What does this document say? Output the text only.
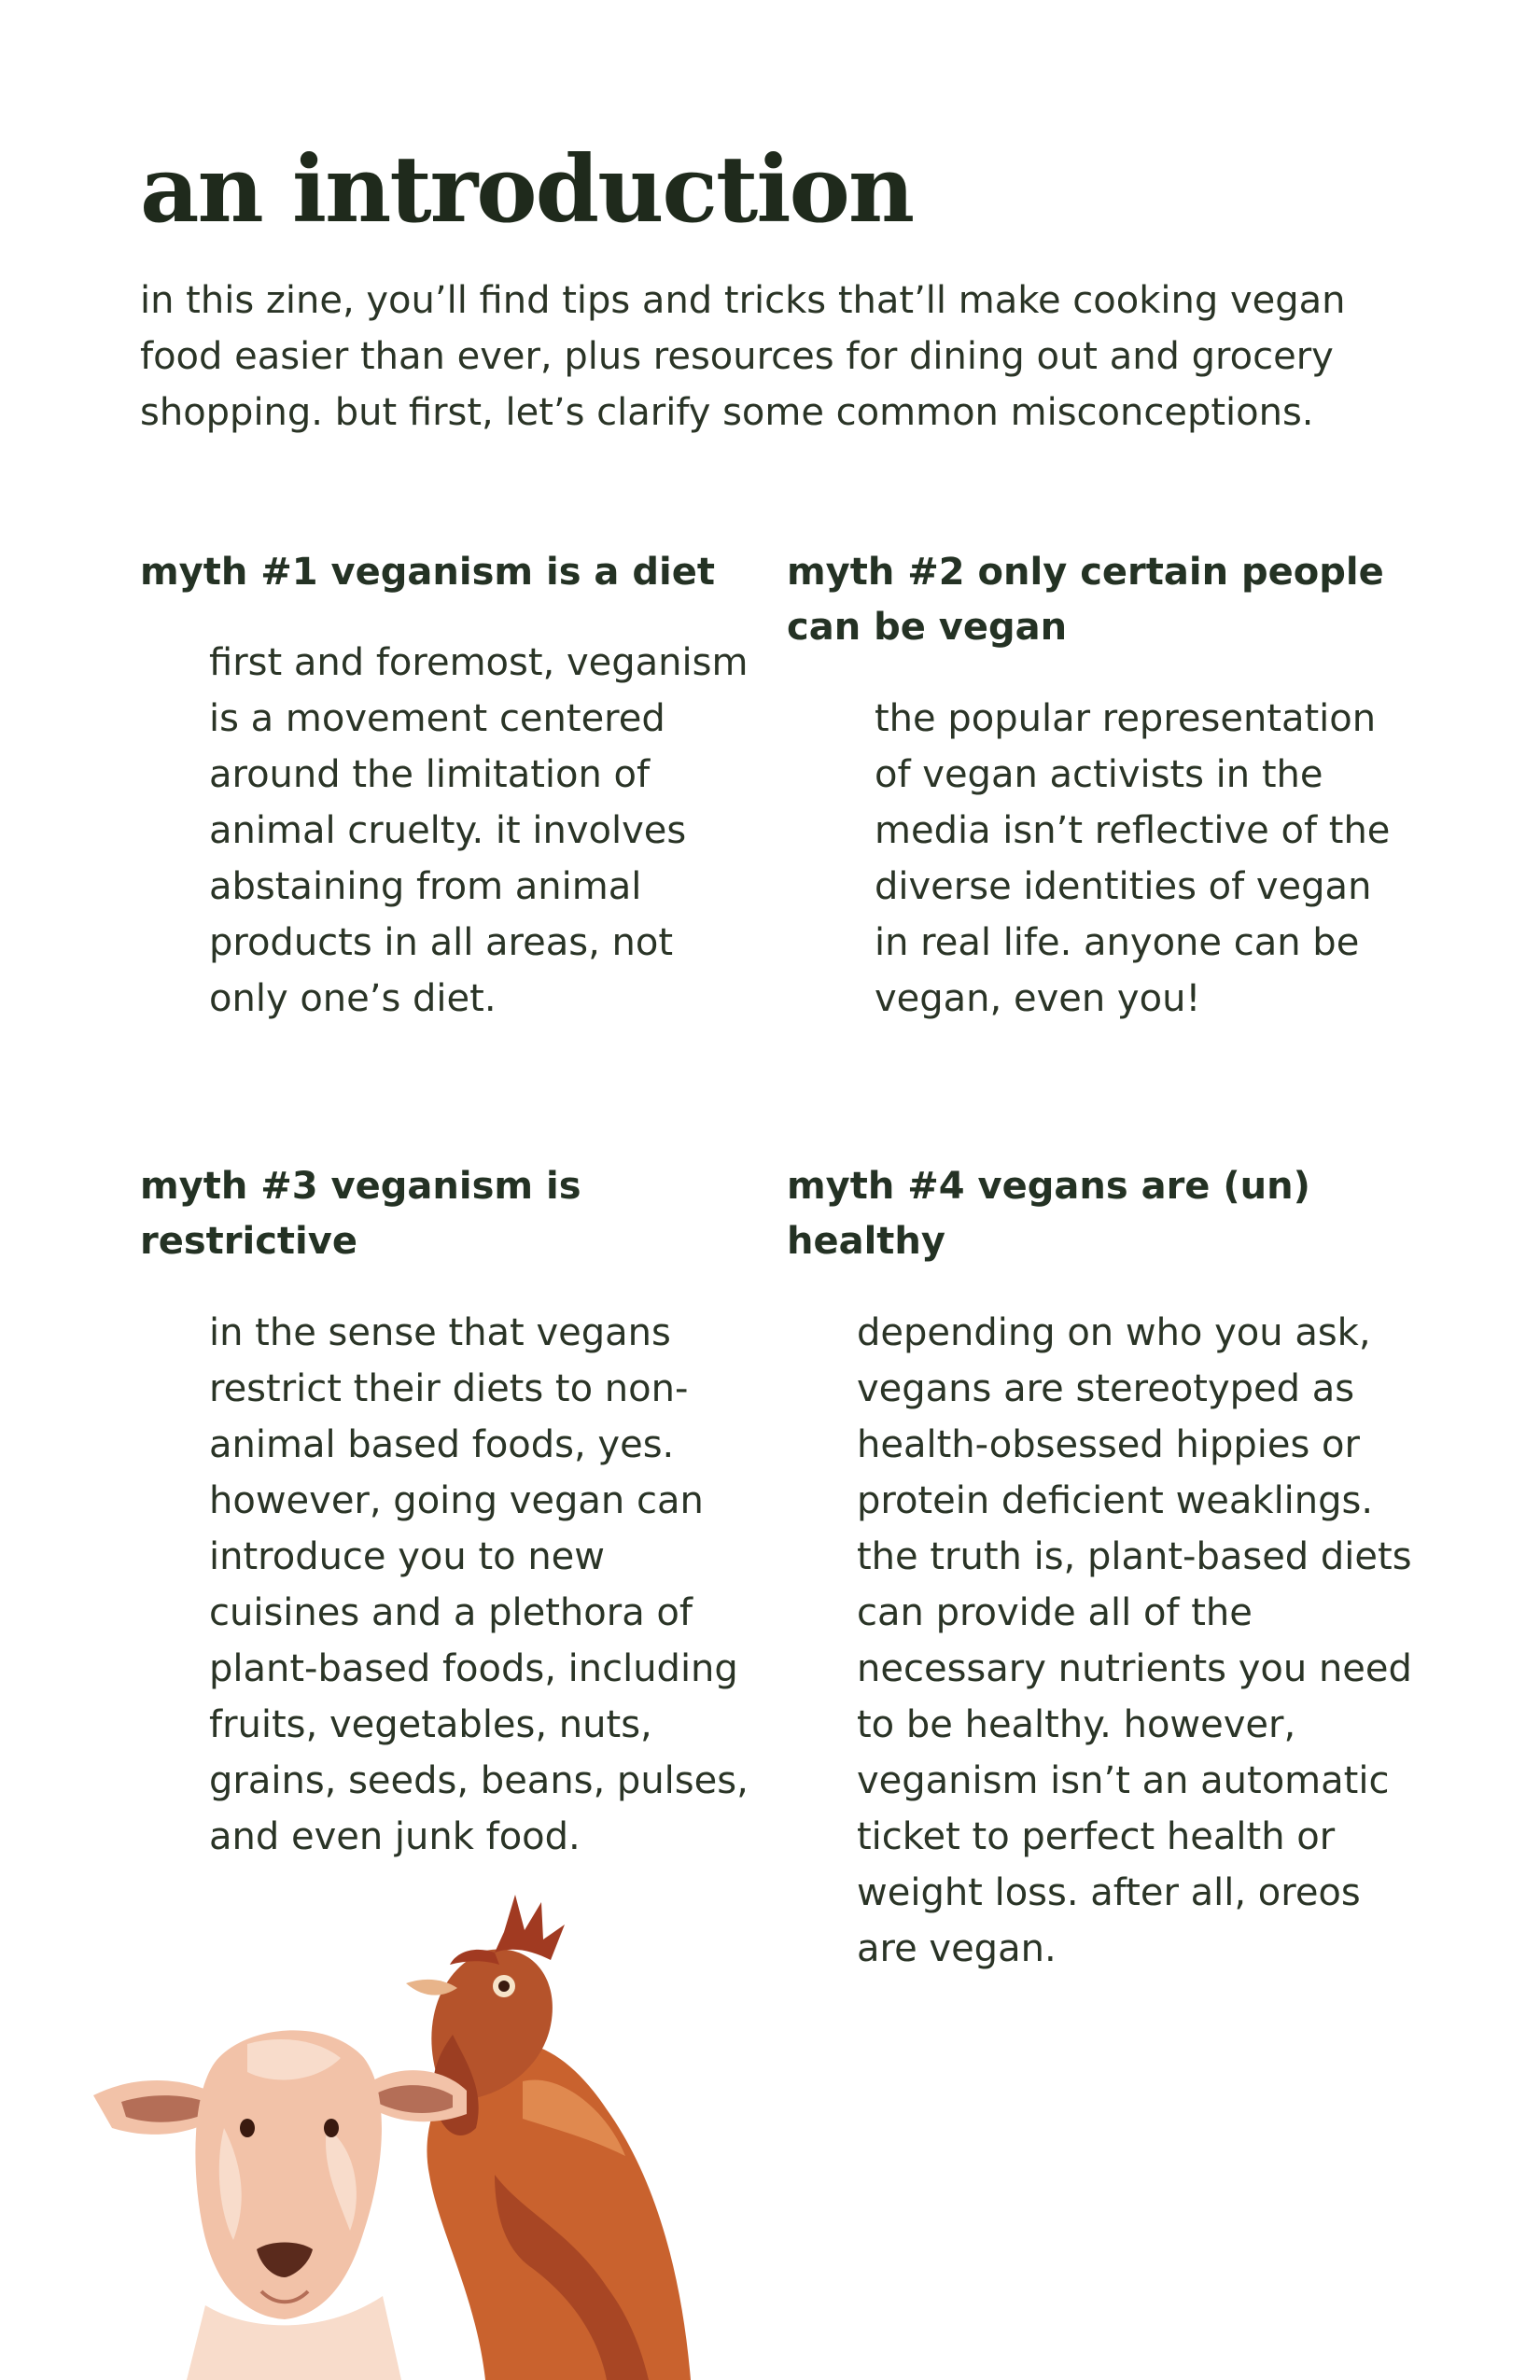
an introduction

in this zine, you’ll find tips and tricks that’ll make cooking vegan food easier than ever, plus resources for dining out and grocery shopping. but first, let’s clarify some common misconceptions.

myth #1 veganism is a diet

first and foremost, veganism is a movement centered around the limitation of animal cruelty. it involves abstaining from animal products in all areas, not only one’s diet.

myth #2 only certain people can be vegan

the popular representation of vegan activists in the media isn’t reflective of the diverse identities of vegan in real life. anyone can be vegan, even you!

myth #3 veganism is restrictive

in the sense that vegans restrict their diets to non-animal based foods, yes. however, going vegan can introduce you to new cuisines and a plethora of plant-based foods, including fruits, vegetables, nuts, grains, seeds, beans, pulses, and even junk food.

myth #4 vegans are (un) healthy

depending on who you ask, vegans are stereotyped as health-obsessed hippies or protein deficient weaklings. the truth is, plant-based diets can provide all of the necessary nutrients you need to be healthy. however, veganism isn’t an automatic ticket to perfect health or weight loss. after all, oreos are vegan.
